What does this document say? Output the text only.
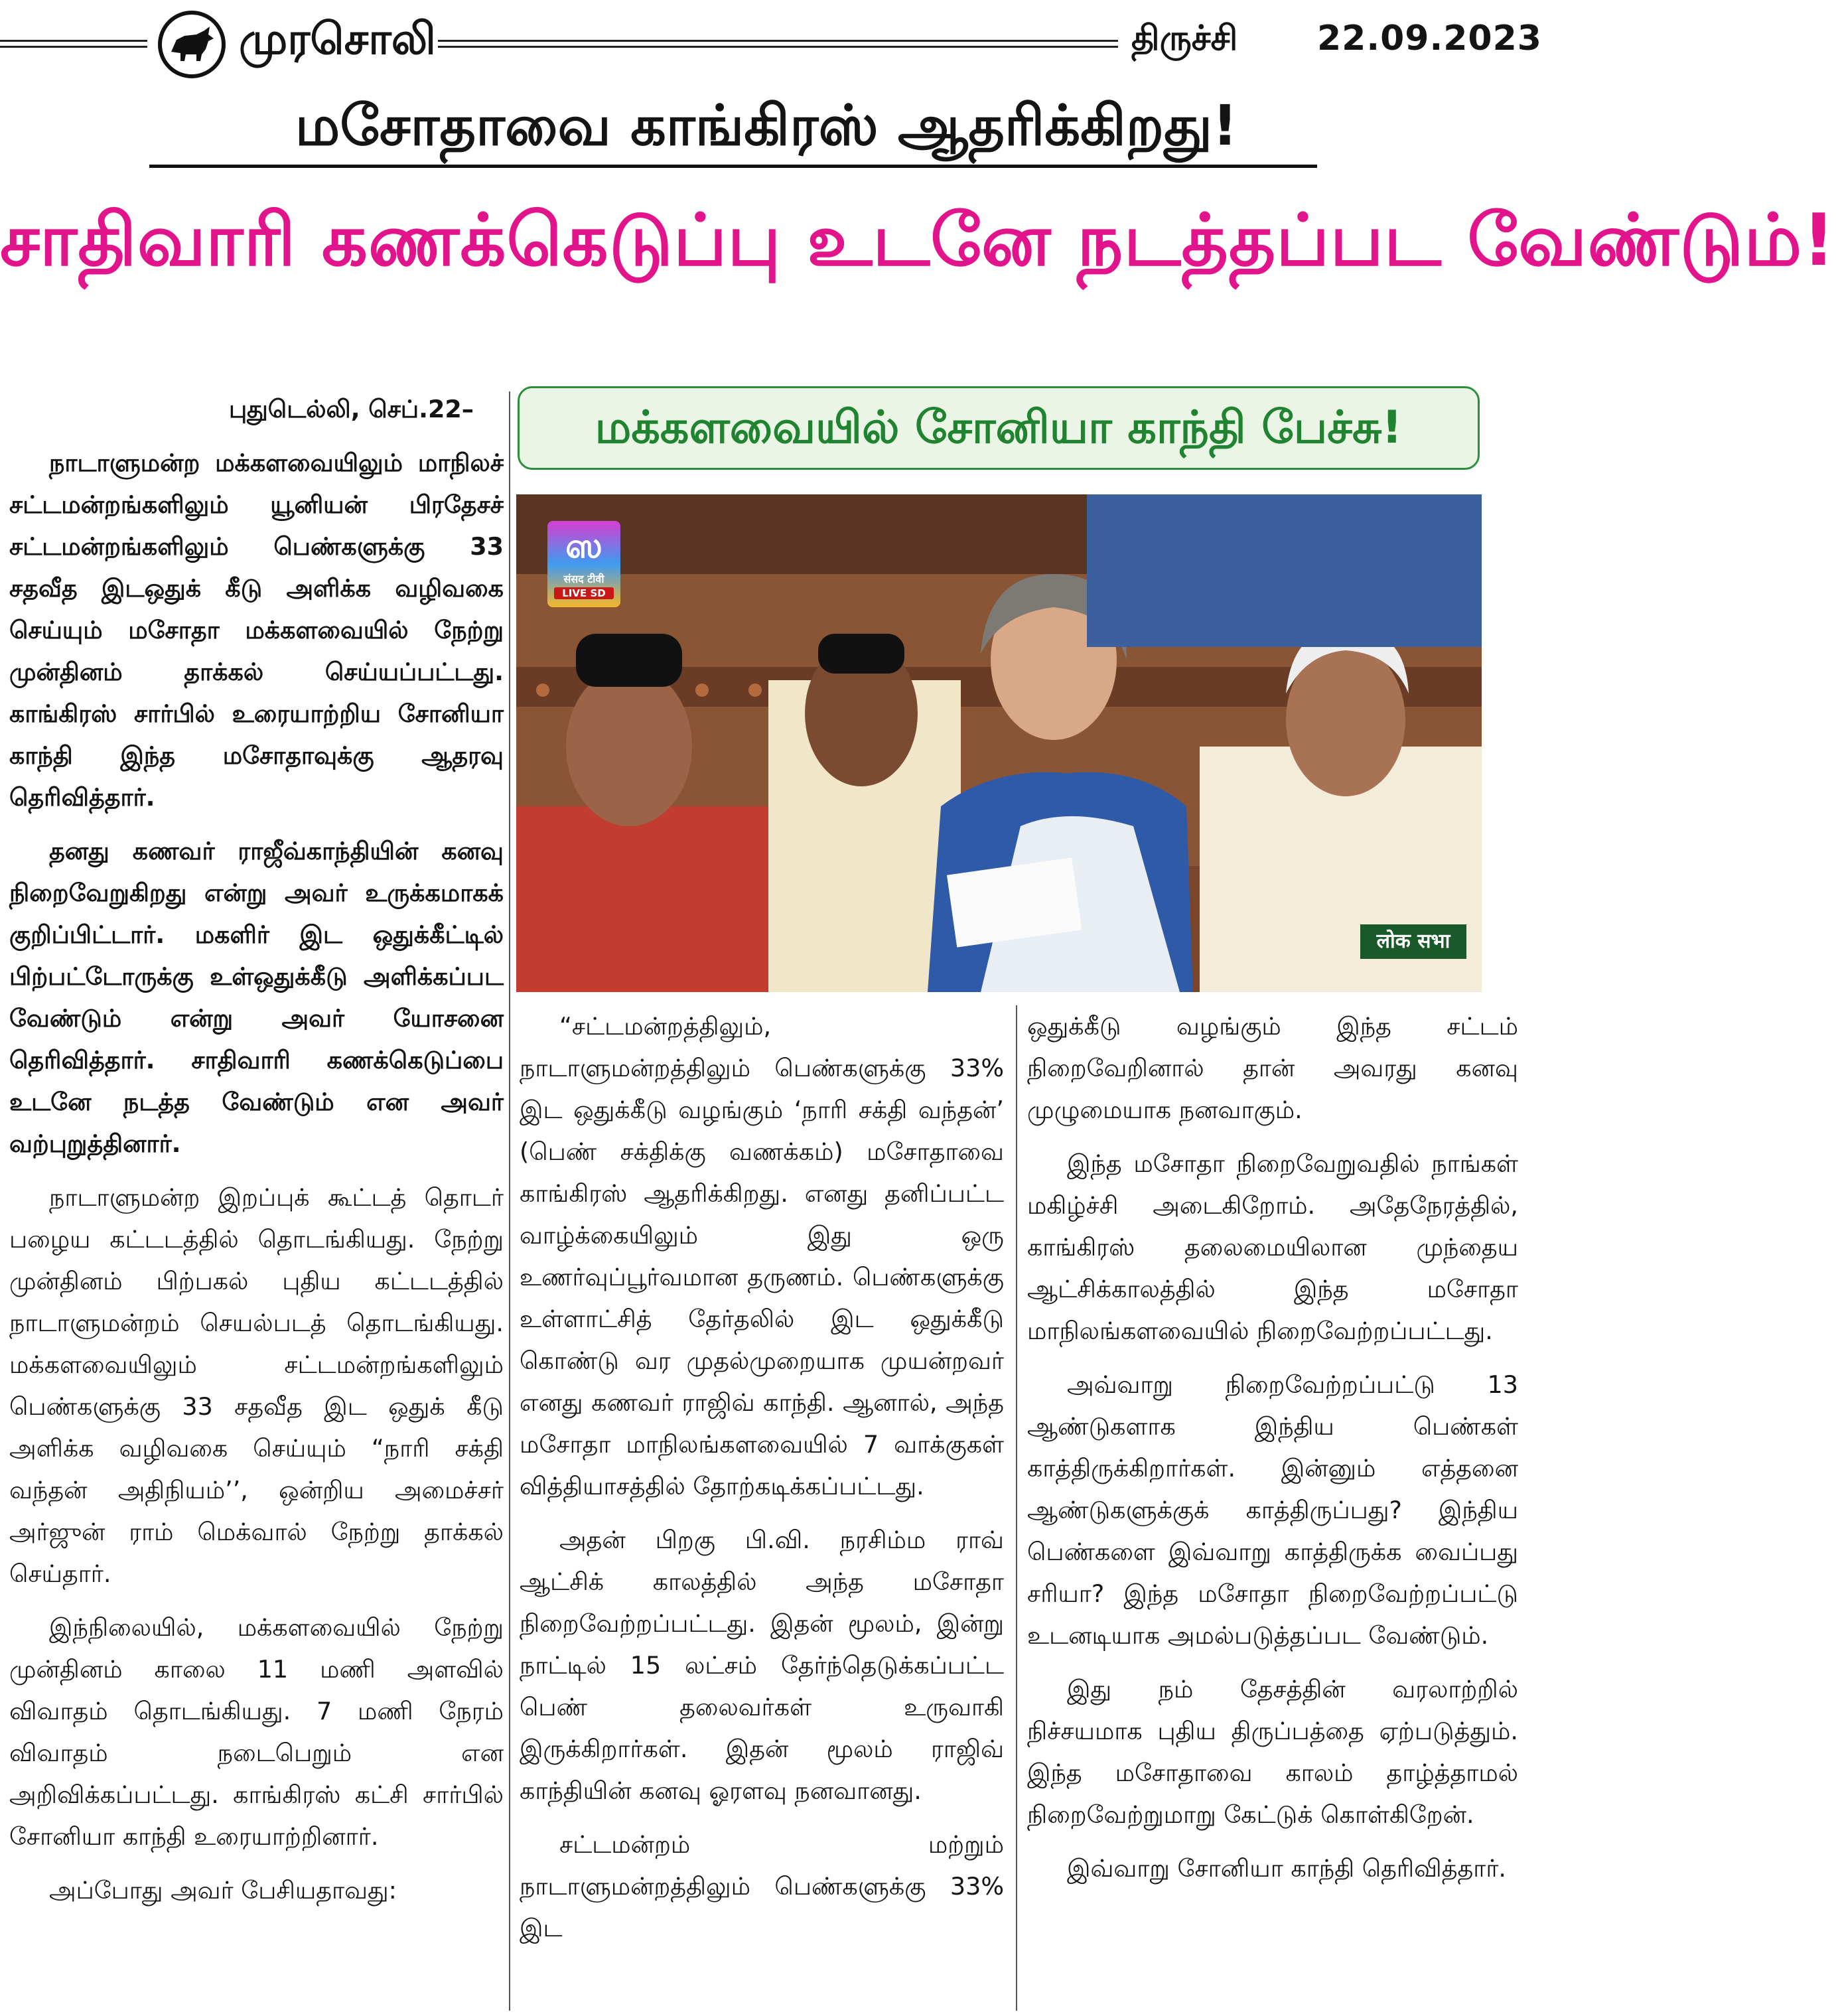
முரசொலி	திருச்சி 22.09.2023
மசோதாவை காங்கிரஸ் ஆதரிக்கிறது!
சாதிவாரி கணக்கெடுப்பு உடனே நடத்தப்பட வேண்டும்!

புதுடெல்லி, செப்.22–

நாடாளுமன்ற மக்களவையிலும் மாநிலச் சட்டமன்றங்களிலும் யூனியன் பிரதேசச் சட்டமன்றங்களிலும் பெண்களுக்கு 33 சதவீத இடஒதுக் கீடு அளிக்க வழிவகை செய்யும் மசோதா மக்களவையில் நேற்று முன்தினம் தாக்கல் செய்யப்பட்டது. காங்கிரஸ் சார்பில் உரையாற்றிய சோனியா காந்தி இந்த மசோதாவுக்கு ஆதரவு தெரிவித்தார்.

தனது கணவர் ராஜீவ்காந்தியின் கனவு நிறைவேறுகிறது என்று அவர் உருக்கமாகக் குறிப்பிட்டார். மகளிர் இட ஒதுக்கீட்டில் பிற்பட்டோருக்கு உள்ஒதுக்கீடு அளிக்கப்பட வேண்டும் என்று அவர் யோசனை தெரிவித்தார். சாதிவாரி கணக்கெடுப்பை உடனே நடத்த வேண்டும் என அவர் வற்புறுத்தினார்.

நாடாளுமன்ற இறப்புக் கூட்டத் தொடர் பழைய கட்டடத்தில் தொடங்கியது. நேற்று முன்தினம் பிற்பகல் புதிய கட்டடத்தில் நாடாளுமன்றம் செயல்படத் தொடங்கியது. மக்களவையிலும் சட்டமன்றங்களிலும் பெண்களுக்கு 33 சதவீத இட ஒதுக் கீடு அளிக்க வழிவகை செய்யும் “நாரி சக்தி வந்தன் அதிநியம்’’, ஒன்றிய அமைச்சர் அர்ஜுன் ராம் மெக்வால் நேற்று தாக்கல் செய்தார்.

இந்நிலையில், மக்களவையில் நேற்று முன்தினம் காலை 11 மணி அளவில் விவாதம் தொடங்கியது. 7 மணி நேரம் விவாதம் நடைபெறும் என அறிவிக்கப்பட்டது. காங்கிரஸ் கட்சி சார்பில் சோனியா காந்தி உரையாற்றினார்.

அப்போது அவர் பேசியதாவது:

மக்களவையில் சோனியா காந்தி பேச்சு!
ஸ
संसद टीवी
LIVE SD
लोक सभा

“சட்டமன்றத்திலும், நாடாளுமன்றத்திலும் பெண்களுக்கு 33% இட ஒதுக்கீடு வழங்கும் ‘நாரி சக்தி வந்தன்’ (பெண் சக்திக்கு வணக்கம்) மசோதாவை காங்கிரஸ் ஆதரிக்கிறது. எனது தனிப்பட்ட வாழ்க்கையிலும் இது ஒரு உணர்வுப்பூர்வமான தருணம். பெண்களுக்கு உள்ளாட்சித் தேர்தலில் இட ஒதுக்கீடு கொண்டு வர முதல்முறையாக முயன்றவர் எனது கணவர் ராஜிவ் காந்தி. ஆனால், அந்த மசோதா மாநிலங்களவையில் 7 வாக்குகள் வித்தியாசத்தில் தோற்கடிக்கப்பட்டது.

அதன் பிறகு பி.வி. நரசிம்ம ராவ் ஆட்சிக் காலத்தில் அந்த மசோதா நிறைவேற்றப்பட்டது. இதன் மூலம், இன்று நாட்டில் 15 லட்சம் தேர்ந்தெடுக்கப்பட்ட பெண் தலைவர்கள் உருவாகி இருக்கிறார்கள். இதன் மூலம் ராஜிவ் காந்தியின் கனவு ஓரளவு நனவானது.

சட்டமன்றம் மற்றும் நாடாளுமன்றத்திலும் பெண்களுக்கு 33% இட

ஒதுக்கீடு வழங்கும் இந்த சட்டம் நிறைவேறினால் தான் அவரது கனவு முழுமையாக நனவாகும்.

இந்த மசோதா நிறைவேறுவதில் நாங்கள் மகிழ்ச்சி அடைகிறோம். அதேநேரத்தில், காங்கிரஸ் தலைமையிலான முந்தைய ஆட்சிக்காலத்தில் இந்த மசோதா மாநிலங்களவையில் நிறைவேற்றப்பட்டது.

அவ்வாறு நிறைவேற்றப்பட்டு 13 ஆண்டுகளாக இந்திய பெண்கள் காத்திருக்கிறார்கள். இன்னும் எத்தனை ஆண்டுகளுக்குக் காத்திருப்பது? இந்திய பெண்களை இவ்வாறு காத்திருக்க வைப்பது சரியா? இந்த மசோதா நிறைவேற்றப்பட்டு உடனடியாக அமல்படுத்தப்பட வேண்டும்.

இது நம் தேசத்தின் வரலாற்றில் நிச்சயமாக புதிய திருப்பத்தை ஏற்படுத்தும். இந்த மசோதாவை காலம் தாழ்த்தாமல் நிறைவேற்றுமாறு கேட்டுக் கொள்கிறேன்.

இவ்வாறு சோனியா காந்தி தெரிவித்தார்.
